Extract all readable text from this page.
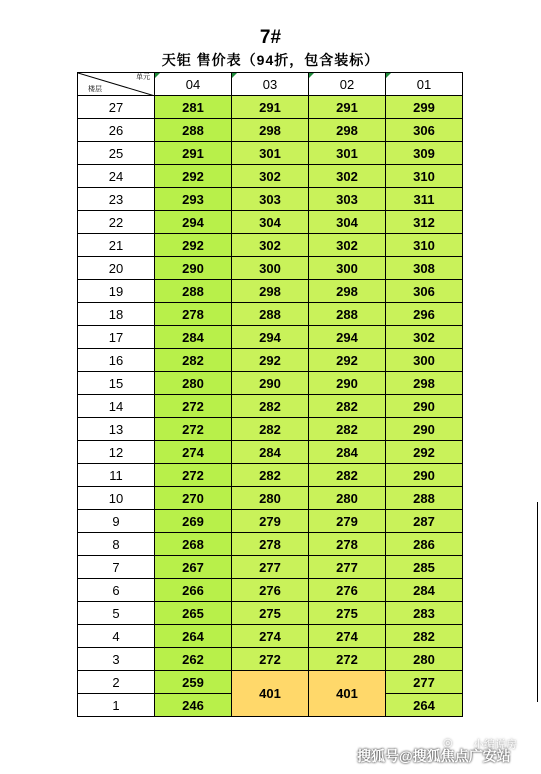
7#
天钜 售价表（94折，包含装标）
单元
楼层	04	03	02	01
27	281	291	291	299
26	288	298	298	306
25	291	301	301	309
24	292	302	302	310
23	293	303	303	311
22	294	304	304	312
21	292	302	302	310
20	290	300	300	308
19	288	298	298	306
18	278	288	288	296
17	284	294	294	302
16	282	292	292	300
15	280	290	290	298
14	272	282	282	290
13	272	282	282	290
12	274	284	284	292
11	272	282	282	290
10	270	280	280	288
9	269	279	279	287
8	268	278	278	286
7	267	277	277	285
6	266	276	276	284
5	265	275	275	283
4	264	274	274	282
3	262	272	272	280
2	259	401	401	277
1	246			264
◎ 小编说房
搜狐号@搜狐焦点广安站
